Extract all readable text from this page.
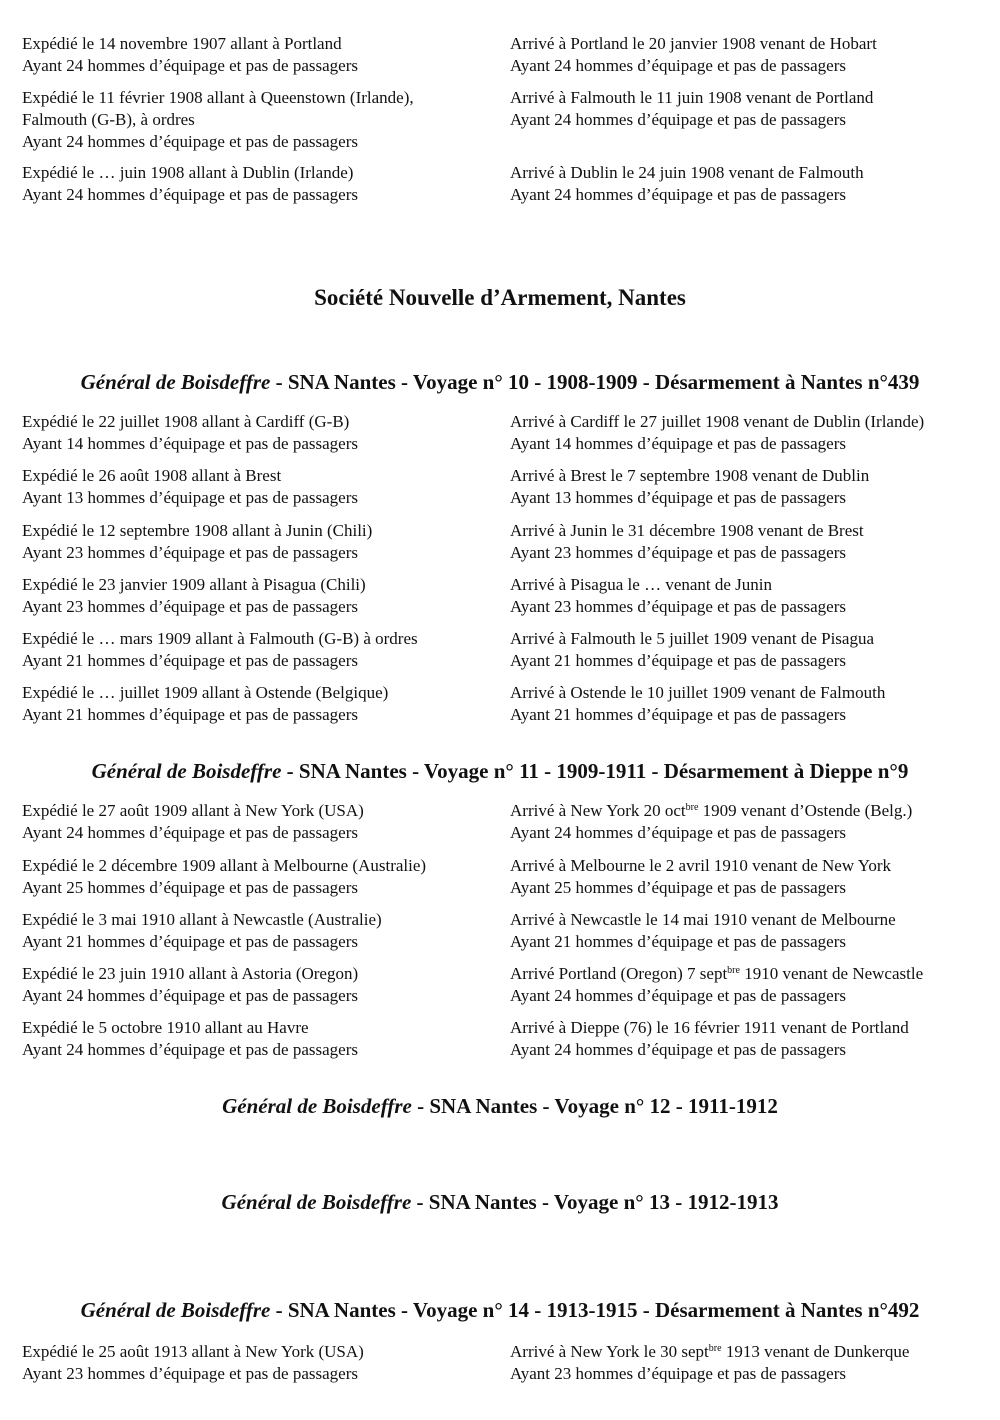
Expédié le 14 novembre 1907 allant à Portland
Ayant 24 hommes d’équipage et pas de passagers
Arrivé à Portland le 20 janvier 1908 venant de Hobart
Ayant 24 hommes d’équipage et pas de passagers
Expédié le 11 février 1908 allant à Queenstown (Irlande),
Falmouth (G-B), à ordres
Ayant 24 hommes d’équipage et pas de passagers
Arrivé à Falmouth le 11 juin 1908 venant de Portland
Ayant 24 hommes d’équipage et pas de passagers
Expédié le … juin 1908 allant à Dublin (Irlande)
Ayant 24 hommes d’équipage et pas de passagers
Arrivé à Dublin le 24 juin 1908 venant de Falmouth
Ayant 24 hommes d’équipage et pas de passagers
Société Nouvelle d’Armement, Nantes
Général de Boisdeffre - SNA Nantes - Voyage n° 10 - 1908-1909 - Désarmement à Nantes n°439
Expédié le 22 juillet 1908 allant à Cardiff (G-B)
Ayant 14 hommes d’équipage et pas de passagers
Arrivé à Cardiff le 27 juillet 1908 venant de Dublin (Irlande)
Ayant 14 hommes d’équipage et pas de passagers
Expédié le 26 août 1908 allant à Brest
Ayant 13 hommes d’équipage et pas de passagers
Arrivé à Brest le 7 septembre 1908 venant de Dublin
Ayant 13 hommes d’équipage et pas de passagers
Expédié le 12 septembre 1908 allant à Junin (Chili)
Ayant 23 hommes d’équipage et pas de passagers
Arrivé à Junin le 31 décembre 1908 venant de Brest
Ayant 23 hommes d’équipage et pas de passagers
Expédié le 23 janvier 1909 allant à Pisagua (Chili)
Ayant 23 hommes d’équipage et pas de passagers
Arrivé à Pisagua le … venant de Junin
Ayant 23 hommes d’équipage et pas de passagers
Expédié le … mars 1909 allant à Falmouth (G-B) à ordres
Ayant 21 hommes d’équipage et pas de passagers
Arrivé à Falmouth le 5 juillet 1909 venant de Pisagua
Ayant 21 hommes d’équipage et pas de passagers
Expédié le … juillet 1909 allant à Ostende (Belgique)
Ayant 21 hommes d’équipage et pas de passagers
Arrivé à Ostende le 10 juillet 1909 venant de Falmouth
Ayant 21 hommes d’équipage et pas de passagers
Général de Boisdeffre - SNA Nantes - Voyage n° 11 - 1909-1911 - Désarmement à Dieppe n°9
Expédié le 27 août 1909 allant à New York (USA)
Ayant 24 hommes d’équipage et pas de passagers
Arrivé à New York 20 oct$^{bre}$ 1909 venant d’Ostende (Belg.)
Ayant 24 hommes d’équipage et pas de passagers
Expédié le 2 décembre 1909 allant à Melbourne (Australie)
Ayant 25 hommes d’équipage et pas de passagers
Arrivé à Melbourne le 2 avril 1910 venant de New York
Ayant 25 hommes d’équipage et pas de passagers
Expédié le 3 mai 1910 allant à Newcastle (Australie)
Ayant 21 hommes d’équipage et pas de passagers
Arrivé à Newcastle le 14 mai 1910 venant de Melbourne
Ayant 21 hommes d’équipage et pas de passagers
Expédié le 23 juin 1910 allant à Astoria (Oregon)
Ayant 24 hommes d’équipage et pas de passagers
Arrivé Portland (Oregon) 7 sept$^{bre}$ 1910 venant de Newcastle
Ayant 24 hommes d’équipage et pas de passagers
Expédié le 5 octobre 1910 allant au Havre
Ayant 24 hommes d’équipage et pas de passagers
Arrivé à Dieppe (76) le 16 février 1911 venant de Portland
Ayant 24 hommes d’équipage et pas de passagers
Général de Boisdeffre - SNA Nantes - Voyage n° 12 - 1911-1912
Général de Boisdeffre - SNA Nantes - Voyage n° 13 - 1912-1913
Général de Boisdeffre - SNA Nantes - Voyage n° 14 - 1913-1915 - Désarmement à Nantes n°492
Expédié le 25 août 1913 allant à New York (USA)
Ayant 23 hommes d’équipage et pas de passagers
Arrivé à New York le 30 sept$^{bre}$ 1913 venant de Dunkerque
Ayant 23 hommes d’équipage et pas de passagers
